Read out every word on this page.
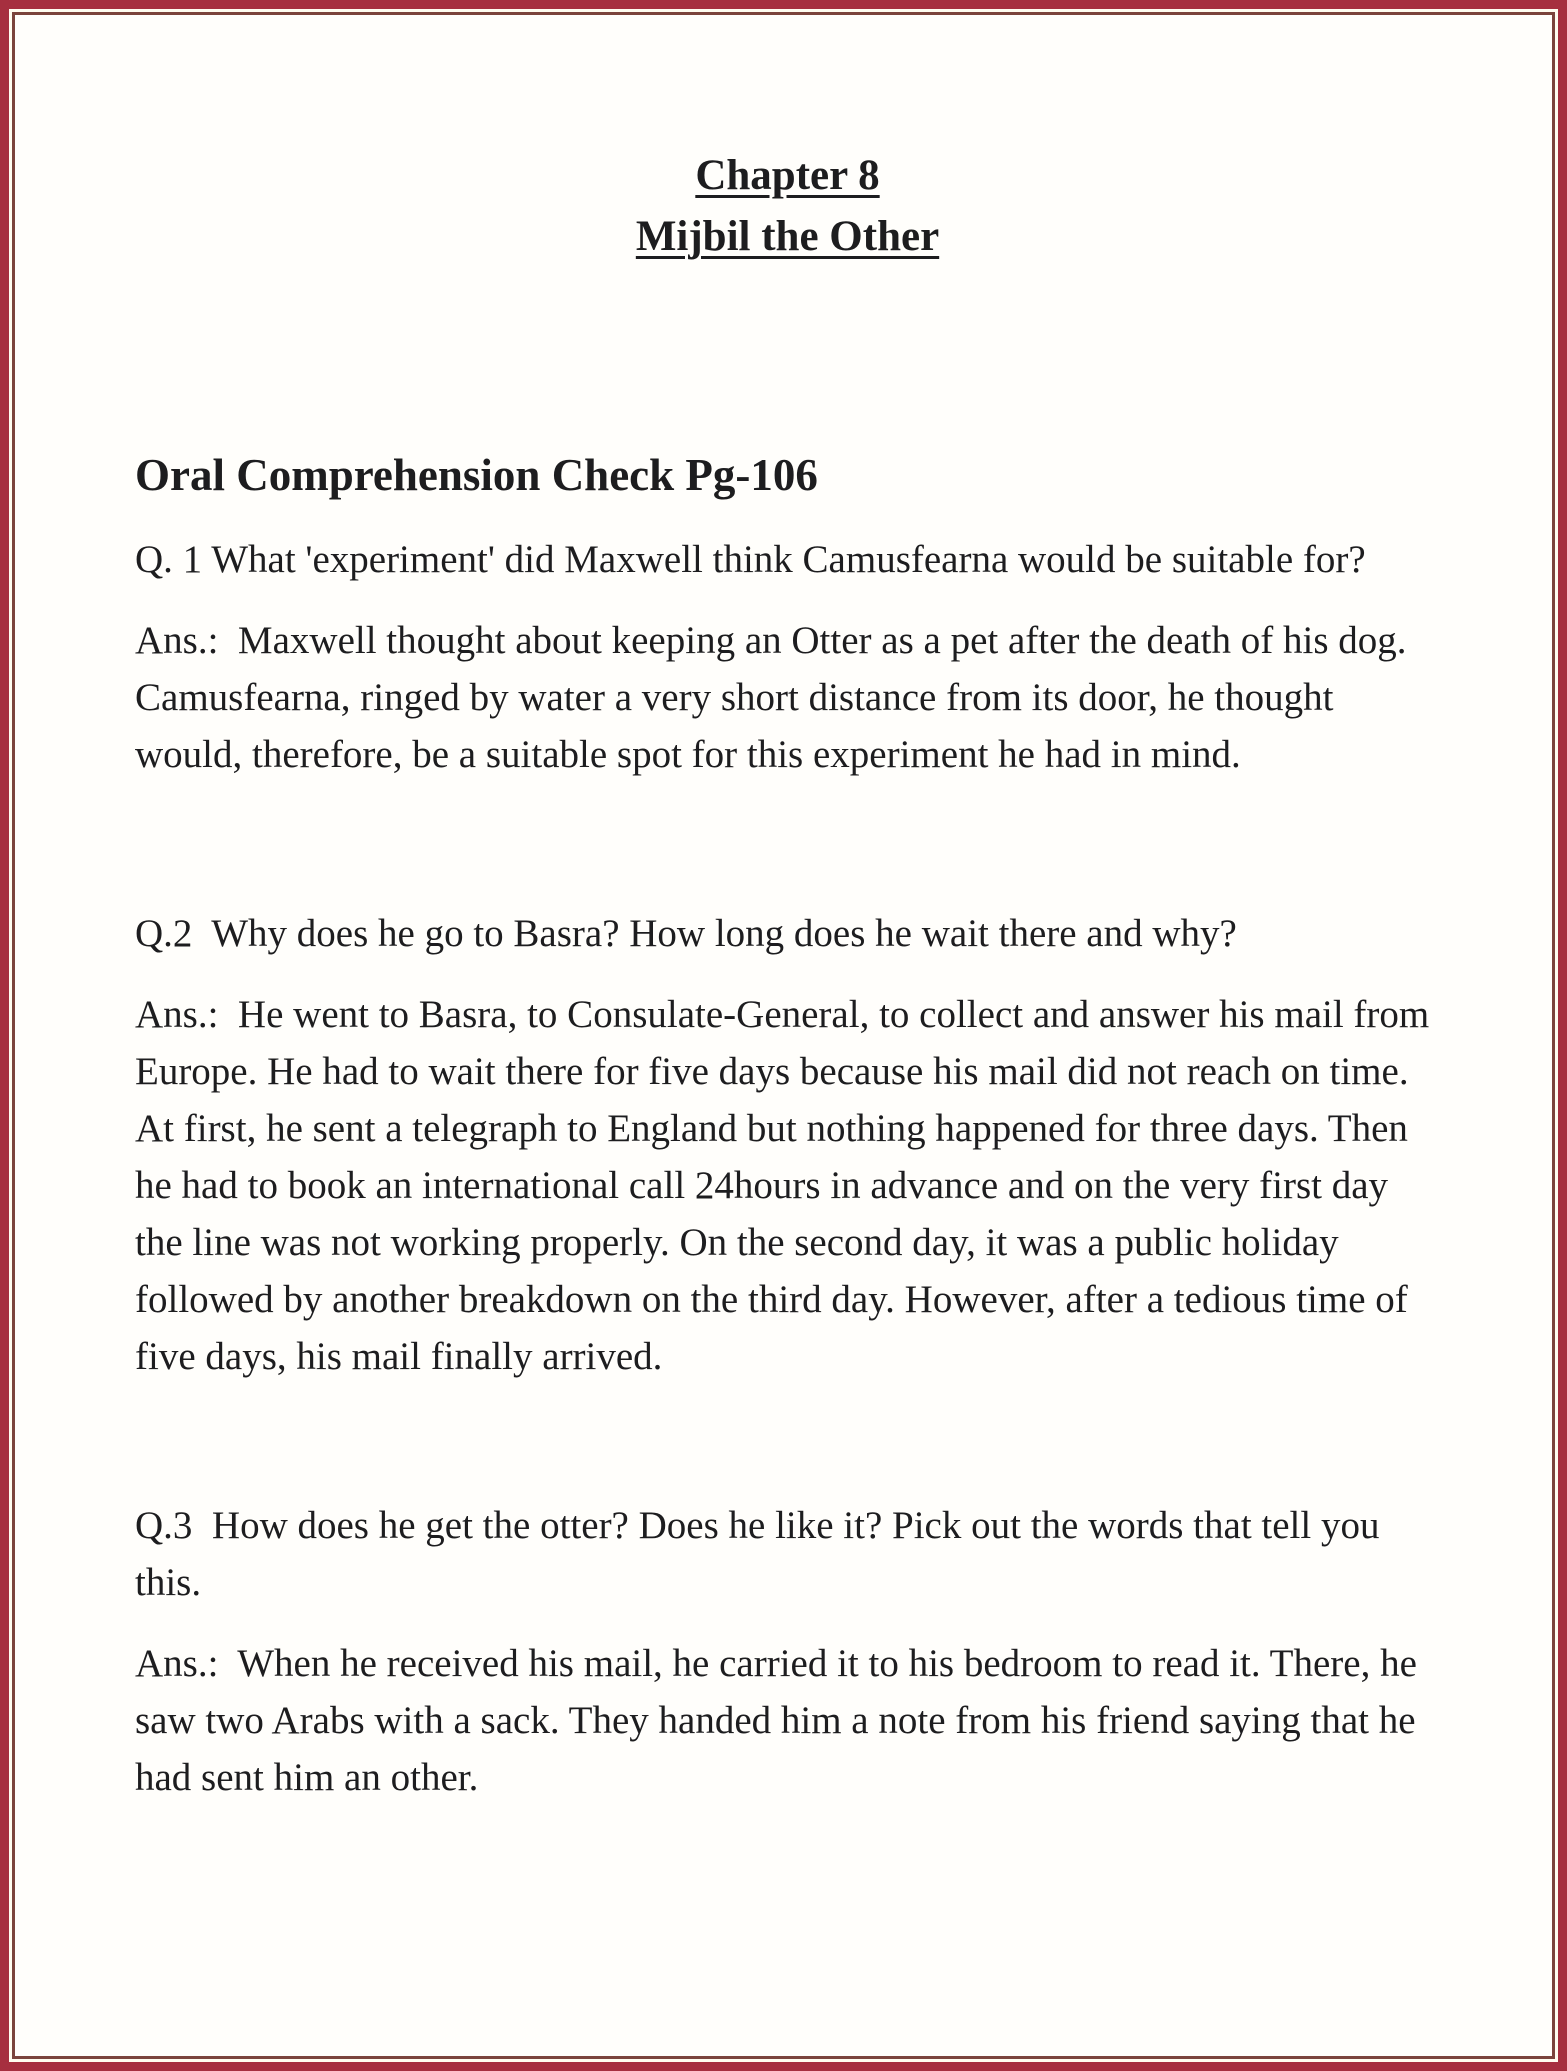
Chapter 8

Mijbil the Other

Oral Comprehension Check Pg-106

Q. 1 What 'experiment' did Maxwell think Camusfearna would be suitable for?

Ans.:  Maxwell thought about keeping an Otter as a pet after the death of his dog. Camusfearna, ringed by water a very short distance from its door, he thought would, therefore, be a suitable spot for this experiment he had in mind.

Q.2  Why does he go to Basra? How long does he wait there and why?

Ans.:  He went to Basra, to Consulate-General, to collect and answer his mail from Europe. He had to wait there for five days because his mail did not reach on time. At first, he sent a telegraph to England but nothing happened for three days. Then he had to book an international call 24hours in advance and on the very first day the line was not working properly. On the second day, it was a public holiday followed by another breakdown on the third day. However, after a tedious time of five days, his mail finally arrived.

Q.3  How does he get the otter? Does he like it? Pick out the words that tell you this.

Ans.:  When he received his mail, he carried it to his bedroom to read it. There, he saw two Arabs with a sack. They handed him a note from his friend saying that he had sent him an other.
